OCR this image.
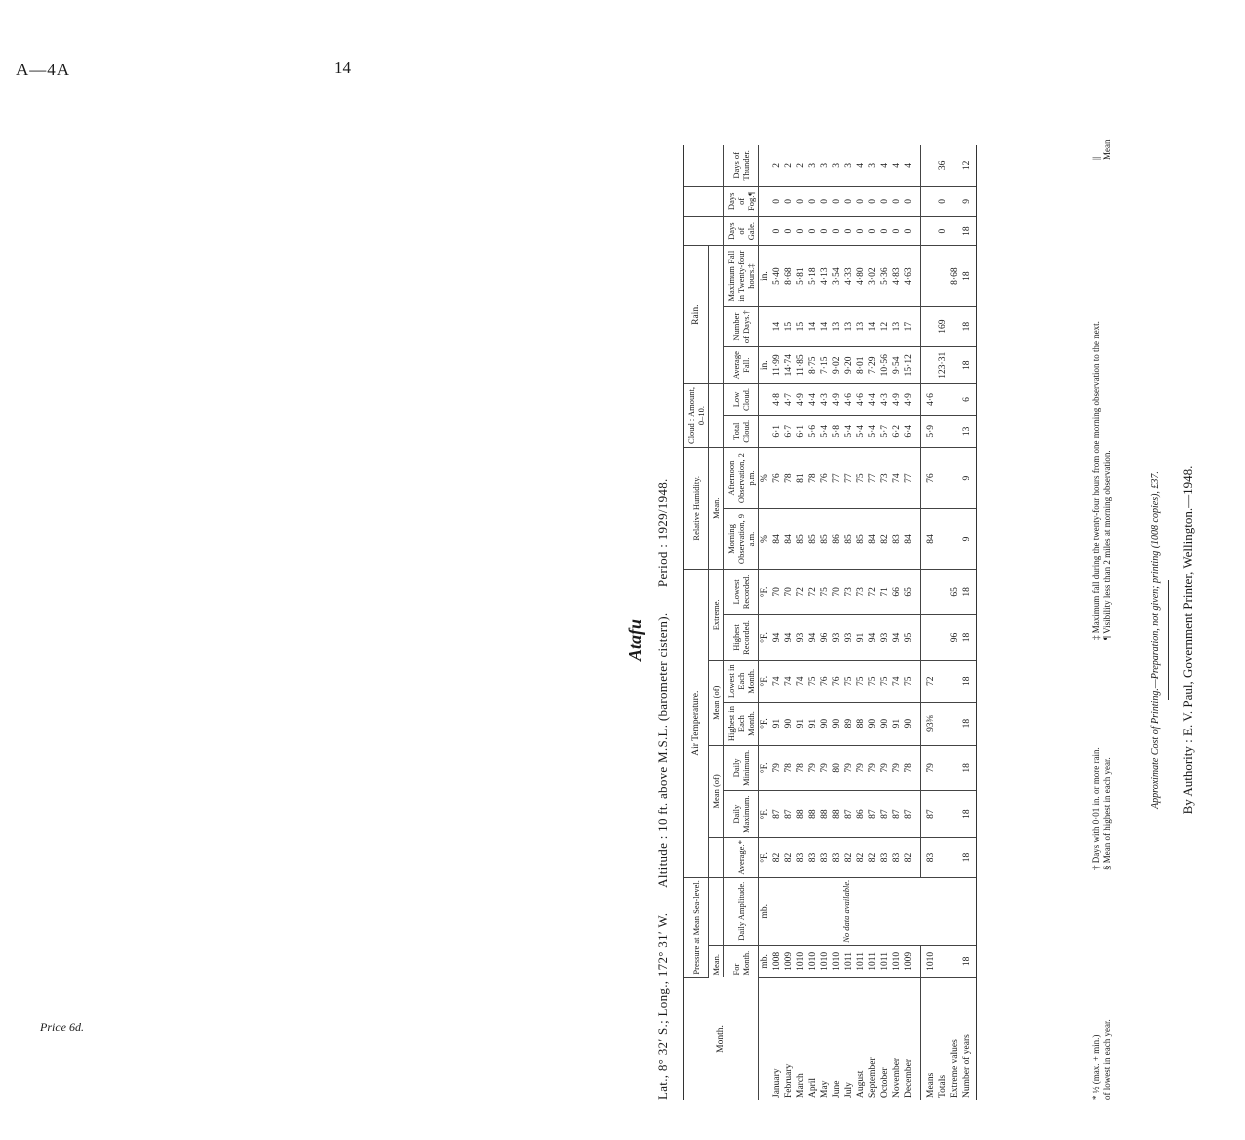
A—4A	14
Atafu
Lat., 8° 32′ S.; Long., 172° 31′ W. Altitude : 10 ft. above M.S.L. (barometer cistern). Period : 1929/1948.
Month.	Pressure at Mean Sea-level.		Air Temperature.							Relative Humidity.		Cloud : Amount, 0–10.		Rain.					
	Mean.			Mean (of)		Mean (of)		Extreme.		Mean.									
	For Month.	Daily Amplitude.	Average.*	Daily Maximum.	Daily Minimum.	Highest in Each Month.	Lowest in Each Month.	Highest Recorded.	Lowest Recorded.	Morning Observation, 9 a.m.	Afternoon Observation, 2 p.m.	Total Cloud.	Low Cloud.	Average Fall.	Number of Days.†	Maximum Fall in Twenty-four hours.‡	Days of Gale.	Days of Fog.¶	Days of Thunder.
	mb.	mb.	°F.	°F.	°F.	°F.	°F.	°F.	°F.	%	%			in.		in.			
January	1008	No data available.	82	87	79	91	74	94	70	84	76	6·1	4·8	11·99	14	5·40	0	0	2
February	1009		82	87	78	90	74	94	70	84	78	6·7	4·7	14·74	15	8·68	0	0	2
March	1010		83	88	78	91	74	93	72	85	81	6·1	4·9	11·85	15	5·81	0	0	2
April	1010		83	88	79	91	75	94	72	85	78	5·6	4·4	8·75	14	5·18	0	0	3
May	1010		83	88	79	90	76	96	75	85	76	5·4	4·3	7·15	14	4·13	0	0	3
June	1010		83	88	80	90	76	93	70	86	77	5·8	4·9	9·02	13	3·54	0	0	3
July	1011		82	87	79	89	75	93	73	85	77	5·4	4·6	9·20	13	4·33	0	0	3
August	1011		82	86	79	88	75	91	73	85	75	5·4	4·6	8·01	13	4·80	0	0	4
September	1011		82	87	79	90	75	94	72	84	77	5·4	4·4	7·29	14	3·02	0	0	3
October	1011		83	87	79	90	75	93	71	82	73	5·7	4·3	10·56	12	5·36	0	0	4
November	1010		83	87	79	91	74	94	66	83	74	6·2	4·9	9·54	13	4·83	0	0	4
December	1009		82	87	78	90	75	95	65	84	77	6·4	4·9	15·12	17	4·63	0	0	4
Means	1010		83	87	79	93⅜	72			84	76	5·9	4·6						
Totals														123·31	169		0	0	36
Extreme values								96	65							8·68			
Number of years	18		18	18	18	18	18	18	18	9	9	13	6	18	18	18	18	9	12
* ½ (max. + min.) of lowest in each year.
† Days with 0·01 in. or more rain. § Mean of highest in each year.
‡ Maximum fall during the twenty-four hours from one morning observation to the next. ¶ Visibility less than 2 miles at morning observation.
|| Mean
Approximate Cost of Printing.—Preparation, not given; printing (1008 copies), £37. By Authority : E. V. Paul, Government Printer, Wellington.—1948.
Price 6d.
